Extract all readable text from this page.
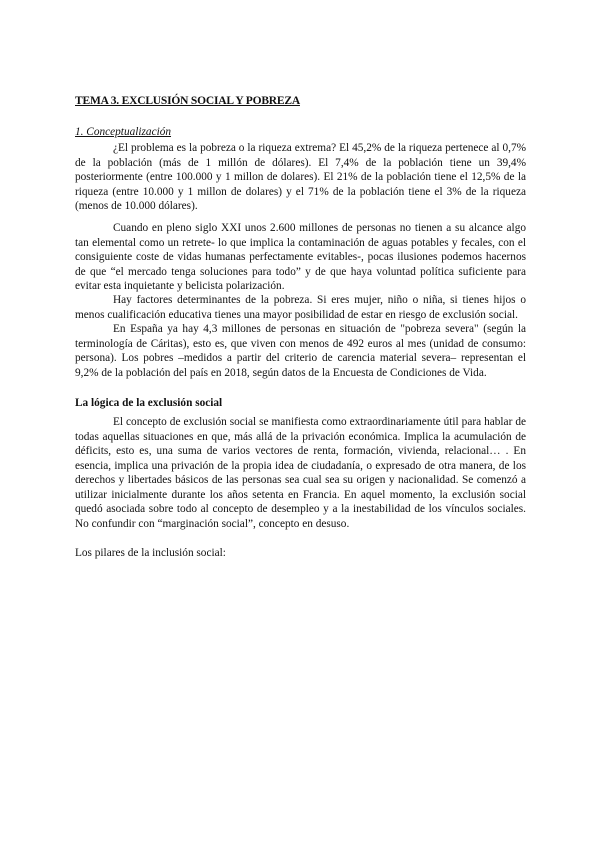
TEMA 3. EXCLUSIÓN SOCIAL Y POBREZA
1. Conceptualización
¿El problema es la pobreza o la riqueza extrema? El 45,2% de la riqueza pertenece al 0,7% de la población (más de 1 millón de dólares). El 7,4% de la población tiene un 39,4% posteriormente (entre 100.000 y 1 millon de dolares). El 21% de la población tiene el 12,5% de la riqueza (entre 10.000 y 1 millon de dolares) y el 71% de la población tiene el 3% de la riqueza (menos de 10.000 dólares).
Cuando en pleno siglo XXI unos 2.600 millones de personas no tienen a su alcance algo tan elemental como un retrete- lo que implica la contaminación de aguas potables y fecales, con el consiguiente coste de vidas humanas perfectamente evitables-, pocas ilusiones podemos hacernos de que “el mercado tenga soluciones para todo” y de que haya voluntad política suficiente para evitar esta inquietante y belicista polarización.
Hay factores determinantes de la pobreza. Si eres mujer, niño o niña, si tienes hijos o menos cualificación educativa tienes una mayor posibilidad de estar en riesgo de exclusión social.
En España ya hay 4,3 millones de personas en situación de "pobreza severa" (según la terminología de Cáritas), esto es, que viven con menos de 492 euros al mes (unidad de consumo: persona). Los pobres –medidos a partir del criterio de carencia material severa– representan el 9,2% de la población del país en 2018, según datos de la Encuesta de Condiciones de Vida.
La lógica de la exclusión social
El concepto de exclusión social se manifiesta como extraordinariamente útil para hablar de todas aquellas situaciones en que, más allá de la privación económica. Implica la acumulación de déficits, esto es, una suma de varios vectores de renta, formación, vivienda, relacional… . En esencia, implica una privación de la propia idea de ciudadanía, o expresado de otra manera, de los derechos y libertades básicos de las personas sea cual sea su origen y nacionalidad. Se comenzó a utilizar inicialmente durante los años setenta en Francia. En aquel momento, la exclusión social quedó asociada sobre todo al concepto de desempleo y a la inestabilidad de los vínculos sociales. No confundir con “marginación social”, concepto en desuso.
Los pilares de la inclusión social:
